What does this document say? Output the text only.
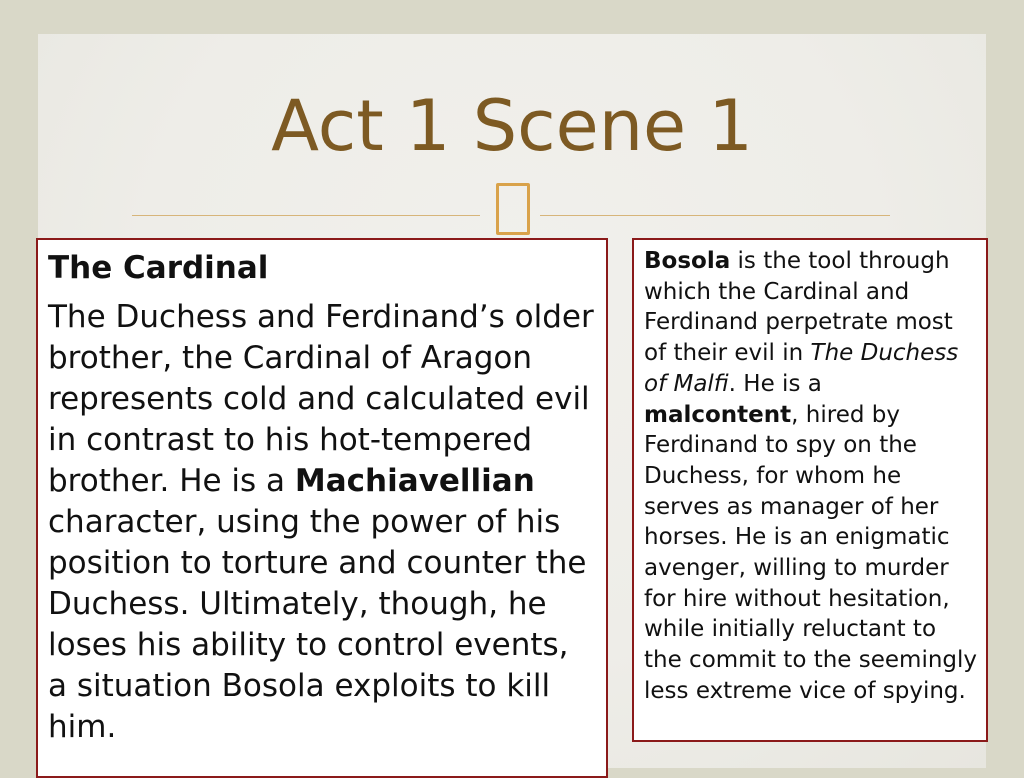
Act 1 Scene 1

The Cardinal

The Duchess and Ferdinand’s older brother, the Cardinal of Aragon represents cold and calculated evil in contrast to his hot-tempered brother. He is a Machiavellian character, using the power of his position to torture and counter the Duchess. Ultimately, though, he loses his ability to control events, a situation Bosola exploits to kill him.

Bosola is the tool through which the Cardinal and Ferdinand perpetrate most of their evil in The Duchess of Malfi. He is a malcontent, hired by Ferdinand to spy on the Duchess, for whom he serves as manager of her horses. He is an enigmatic avenger, willing to murder for hire without hesitation, while initially reluctant to the commit to the seemingly less extreme vice of spying.
